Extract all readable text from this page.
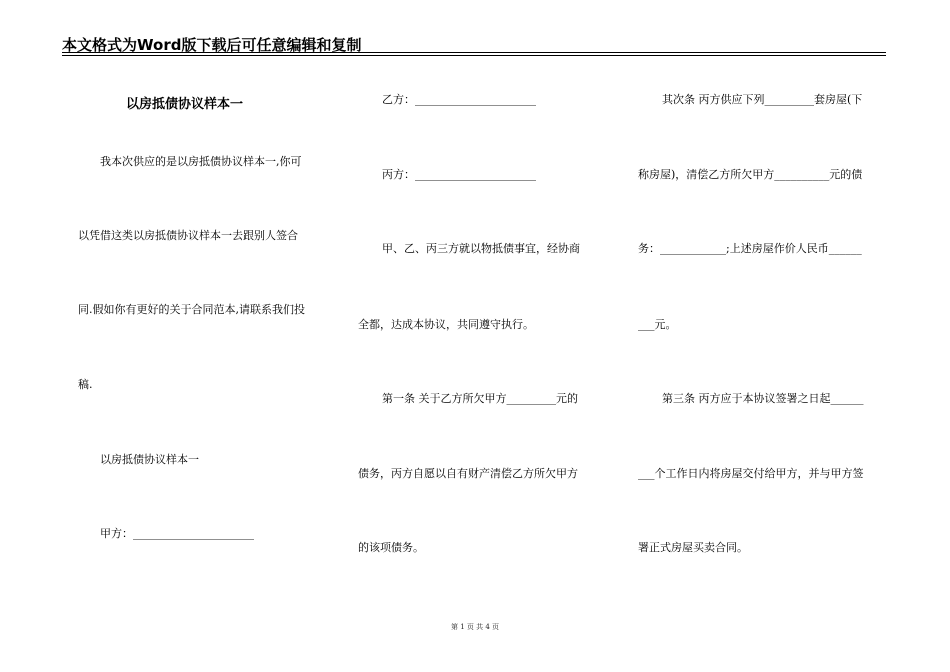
本文格式为Word版下载后可任意编辑和复制
以房抵债协议样本一
我本次供应的是以房抵债协议样本一,你可
以凭借这类以房抵债协议样本一去跟别人签合
同.假如你有更好的关于合同范本,请联系我们投
稿.
以房抵债协议样本一
甲方：______________________
乙方：______________________
丙方：______________________
甲、乙、丙三方就以物抵债事宜，经协商
全都，达成本协议，共同遵守执行。
第一条 关于乙方所欠甲方_________元的
债务，丙方自愿以自有财产清偿乙方所欠甲方
的该项债务。
其次条 丙方供应下列_________套房屋(下
称房屋)，清偿乙方所欠甲方__________元的债
务：____________;上述房屋作价人民币______
___元。
第三条 丙方应于本协议签署之日起______
___个工作日内将房屋交付给甲方，并与甲方签
署正式房屋买卖合同。
第 1 页 共 4 页
